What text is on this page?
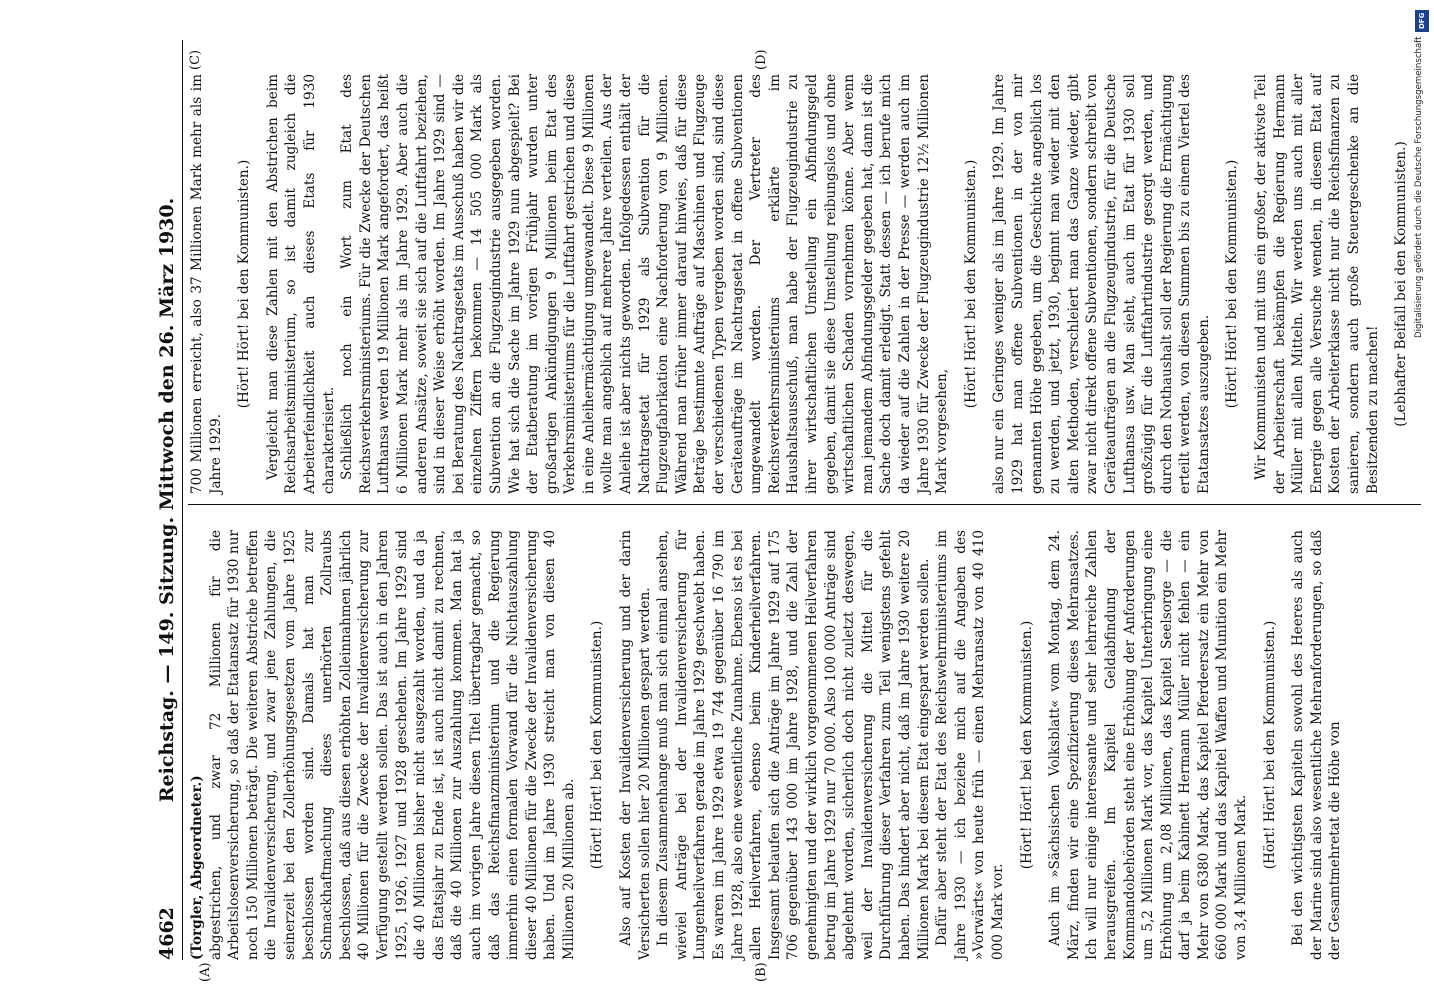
4662
Reichstag. — 149. Sitzung. Mittwoch den 26. März 1930.
(A)	(B)
(C)	(D)

(Torgler, Abgeordneter.) abgestrichen, und zwar 72 Millionen für die Arbeitslosenversicherung, so daß der Etatansatz für 1930 nur noch 150 Millionen beträgt. Die weiteren Abstriche betreffen die Invalidenversicherung, und zwar jene Zahlungen, die seinerzeit bei den Zollerhöhungsgesetzen vom Jahre 1925 beschlossen worden sind. Damals hat man zur Schmackhaftmachung dieses unerhörten Zollraubs beschlossen, daß aus diesen erhöhten Zolleinnahmen jährlich 40 Millionen für die Zwecke der Invalidenversicherung zur Verfügung gestellt werden sollen. Das ist auch in den Jahren 1925, 1926, 1927 und 1928 geschehen. Im Jahre 1929 sind die 40 Millionen bisher nicht ausgezahlt worden, und da ja das Etatsjahr zu Ende ist, ist auch nicht damit zu rechnen, daß die 40 Millionen zur Auszahlung kommen. Man hat ja auch im vorigen Jahre diesen Titel übertragbar gemacht, so daß das Reichsfinanzministerium und die Regierung immerhin einen formalen Vorwand für die Nichtauszahlung dieser 40 Millionen für die Zwecke der Invalidenversicherung haben. Und im Jahre 1930 streicht man von diesen 40 Millionen 20 Millionen ab. (Hört! Hört! bei den Kommunisten.) Also auf Kosten der Invalidenversicherung und der darin Versicherten sollen hier 20 Millionen gespart werden. In diesem Zusammenhange muß man sich einmal ansehen, wieviel Anträge bei der Invalidenversicherung für Lungenheilverfahren gerade im Jahre 1929 geschwebt haben. Es waren im Jahre 1929 etwa 19 744 gegenüber 16 790 im Jahre 1928, also eine wesentliche Zunahme. Ebenso ist es bei allen Heilverfahren, ebenso beim Kinderheilverfahren. Insgesamt belaufen sich die Anträge im Jahre 1929 auf 175 706 gegenüber 143 000 im Jahre 1928, und die Zahl der genehmigten und der wirklich vorgenommenen Heilverfahren betrug im Jahre 1929 nur 70 000. Also 100 000 Anträge sind abgelehnt worden, sicherlich doch nicht zuletzt deswegen, weil der Invalidenversicherung die Mittel für die Durchführung dieser Verfahren zum Teil wenigstens gefehlt haben. Das hindert aber nicht, daß im Jahre 1930 weitere 20 Millionen Mark bei diesem Etat eingespart werden sollen. Dafür aber steht der Etat des Reichswehrministeriums im Jahre 1930 — ich beziehe mich auf die Angaben des »Vorwärts« von heute früh — einen Mehransatz von 40 410 000 Mark vor.

(Hört! Hört! bei den Kommunisten.) Auch im »Sächsischen Volksblatt« vom Montag, dem 24. März, finden wir eine Spezifizierung dieses Mehransatzes. Ich will nur einige interessante und sehr lehrreiche Zahlen herausgreifen. Im Kapitel Geldabfindung der Kommandobehörden steht eine Erhöhung der Anforderungen um 5,2 Millionen Mark vor, das Kapitel Unterbringung eine Erhöhung um 2,08 Millionen, das Kapitel Seelsorge — die darf ja beim Kabinett Hermann Müller nicht fehlen — ein Mehr von 6380 Mark, das Kapitel Pferdeersatz ein Mehr von 660 000 Mark und das Kapitel Waffen und Munition ein Mehr von 3,4 Millionen Mark.

(Hört! Hört! bei den Kommunisten.) Bei den wichtigsten Kapiteln sowohl des Heeres als auch der Marine sind also wesentliche Mehranforderungen, so daß der Gesamtmehretat die Höhe von

700 Millionen erreicht, also 37 Millionen Mark mehr als im Jahre 1929.

(Hört! Hört! bei den Kommunisten.) Vergleicht man diese Zahlen mit den Abstrichen beim Reichsarbeitsministerium, so ist damit zugleich die Arbeiterfeindlichkeit auch dieses Etats für 1930 charakterisiert. Schließlich noch ein Wort zum Etat des Reichsverkehrsministeriums. Für die Zwecke der Deutschen Lufthansa werden 19 Millionen Mark angefordert, das heißt 6 Millionen Mark mehr als im Jahre 1929. Aber auch die anderen Ansätze, soweit sie sich auf die Luftfahrt beziehen, sind in dieser Weise erhöht worden. Im Jahre 1929 sind — bei Beratung des Nachtragsetats im Ausschuß haben wir die einzelnen Ziffern bekommen — 14 505 000 Mark als Subvention an die Flugzeugindustrie ausgegeben worden. Wie hat sich die Sache im Jahre 1929 nun abgespielt? Bei der Etatberatung im vorigen Frühjahr wurden unter großartigen Ankündigungen 9 Millionen beim Etat des Verkehrsministeriums für die Luftfahrt gestrichen und diese in eine Anleihermächtigung umgewandelt. Diese 9 Millionen wollte man angeblich auf mehrere Jahre verteilen. Aus der Anleihe ist aber nichts geworden. Infolgedessen enthält der Nachtragsetat für 1929 als Subvention für die Flugzeugfabrikation eine Nachforderung von 9 Millionen. Während man früher immer darauf hinwies, daß für diese Beträge bestimmte Aufträge auf Maschinen und Flugzeuge der verschiedenen Typen vergeben worden sind, sind diese Geräteaufträge im Nachtragsetat in offene Subventionen umgewandelt worden. Der Vertreter des Reichsverkehrsministeriums erklärte im Haushaltsausschuß, man habe der Flugzeugindustrie zu ihrer wirtschaftlichen Umstellung ein Abfindungsgeld gegeben, damit sie diese Umstellung reibungslos und ohne wirtschaftlichen Schaden vornehmen könne. Aber wenn man jemandem Abfindungsgelder gegeben hat, dann ist die Sache doch damit erledigt. Statt dessen — ich berufe mich da wieder auf die Zahlen in der Presse — werden auch im Jahre 1930 für Zwecke der Flugzeugindustrie 12½ Millionen Mark vorgesehen,

(Hört! Hört! bei den Kommunisten.) also nur ein Geringes weniger als im Jahre 1929. Im Jahre 1929 hat man offene Subventionen in der von mir genannten Höhe gegeben, um die Geschichte angeblich los zu werden, und jetzt, 1930, beginnt man wieder mit den alten Methoden, verschleiert man das Ganze wieder, gibt zwar nicht direkt offene Subventionen, sondern schreibt von Geräteaufträgen an die Flugzeugindustrie, für die Deutsche Lufthansa usw. Man sieht, auch im Etat für 1930 soll großzügig für die Luftfahrtindustrie gesorgt werden, und durch den Nothaushalt soll der Regierung die Ermächtigung erteilt werden, von diesen Summen bis zu einem Viertel des Etatansatzes auszugeben. (Hört! Hört! bei den Kommunisten.) Wir Kommunisten und mit uns ein großer, der aktivste Teil der Arbeiterschaft bekämpfen die Regierung Hermann Müller mit allen Mitteln. Wir werden uns auch mit aller Energie gegen alle Versuche wenden, in diesem Etat auf Kosten der Arbeiterklasse nicht nur die Reichsfinanzen zu sanieren, sondern auch große Steuergeschenke an die Besitzenden zu machen! (Lebhafter Beifall bei den Kommunisten.)

DFG
Digitalisierung gefördert durch die Deutsche Forschungsgemeinschaft
